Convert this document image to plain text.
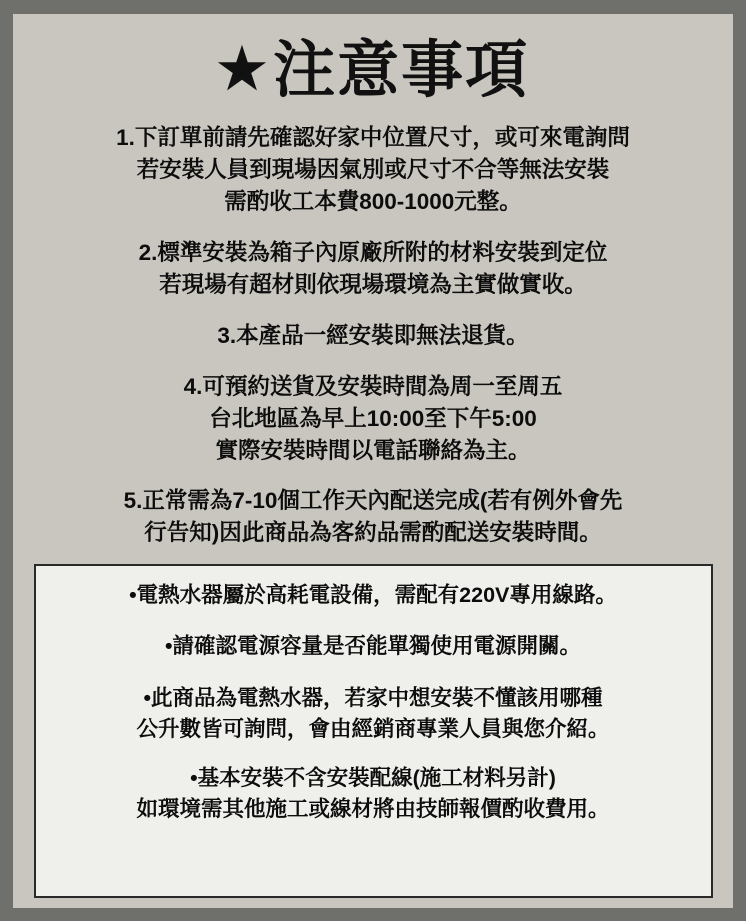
★ 注意事項
1.下訂單前請先確認好家中位置尺寸，或可來電詢問
若安裝人員到現場因氣別或尺寸不合等無法安裝
需酌收工本費800-1000元整。
2.標準安裝為箱子內原廠所附的材料安裝到定位
若現場有超材則依現場環境為主實做實收。
3.本產品一經安裝即無法退貨。
4.可預約送貨及安裝時間為周一至周五
台北地區為早上10:00至下午5:00
實際安裝時間以電話聯絡為主。
5.正常需為7-10個工作天內配送完成(若有例外會先
行告知)因此商品為客約品需酌配送安裝時間。
•電熱水器屬於高耗電設備，需配有220V專用線路。
•請確認電源容量是否能單獨使用電源開關。
•此商品為電熱水器，若家中想安裝不懂該用哪種
公升數皆可詢問，會由經銷商專業人員與您介紹。
•基本安裝不含安裝配線(施工材料另計)
如環境需其他施工或線材將由技師報價酌收費用。
